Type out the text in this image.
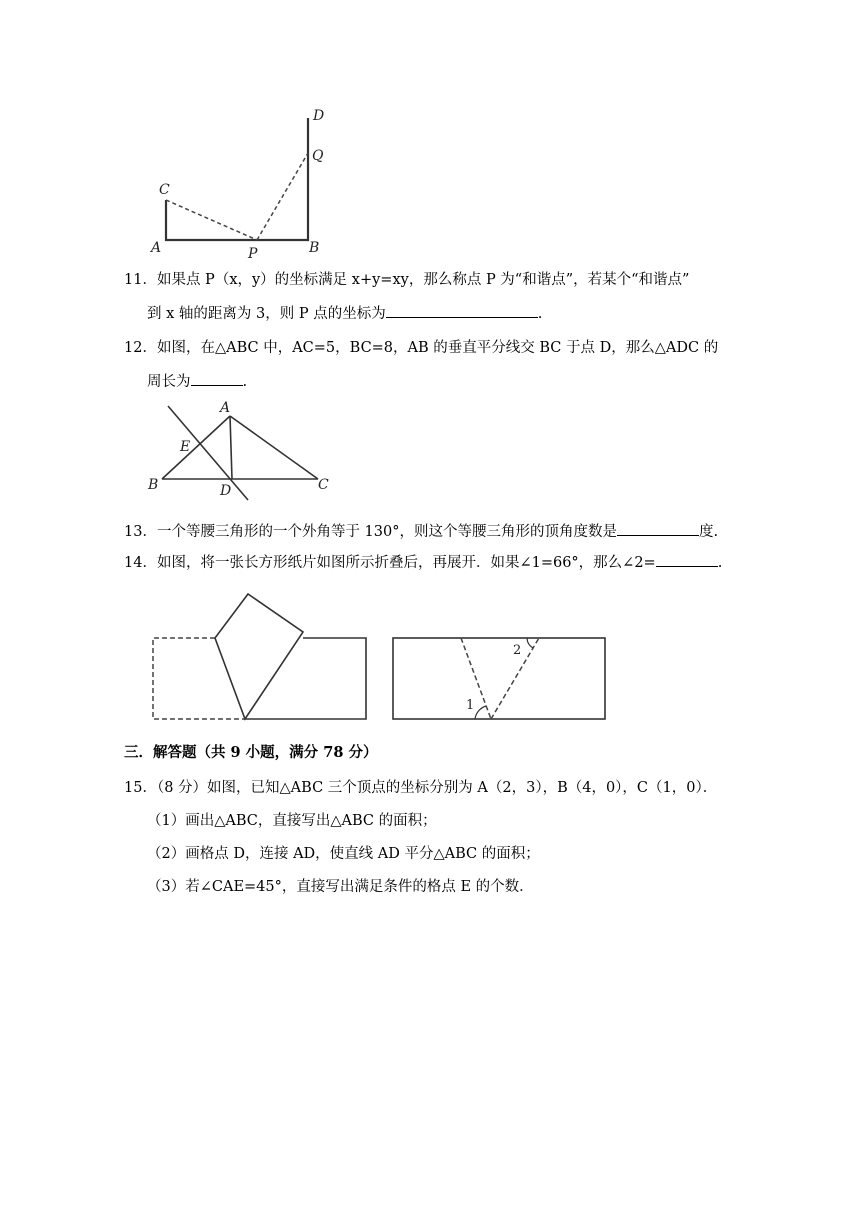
D
Q
C
A	P	B
11．如果点 P（x，y）的坐标满足 x+y=xy，那么称点 P 为“和谐点”，若某个“和谐点”
到 x 轴的距离为 3，则 P 点的坐标为	.
12．如图，在△ABC 中，AC=5，BC=8，AB 的垂直平分线交 BC 于点 D，那么△ADC 的
周长为	.
A
E
B	D	C
13．一个等腰三角形的一个外角等于 130°，则这个等腰三角形的顶角度数是	度.
14．如图，将一张长方形纸片如图所示折叠后，再展开．如果∠1=66°，那么∠2=	.
1
2
三．解答题（共 9 小题，满分 78 分）
15．（8 分）如图，已知△ABC 三个顶点的坐标分别为 A（2，3），B（4，0），C（1，0）．
（1）画出△ABC，直接写出△ABC 的面积；
（2）画格点 D，连接 AD，使直线 AD 平分△ABC 的面积；
（3）若∠CAE=45°，直接写出满足条件的格点 E 的个数．
